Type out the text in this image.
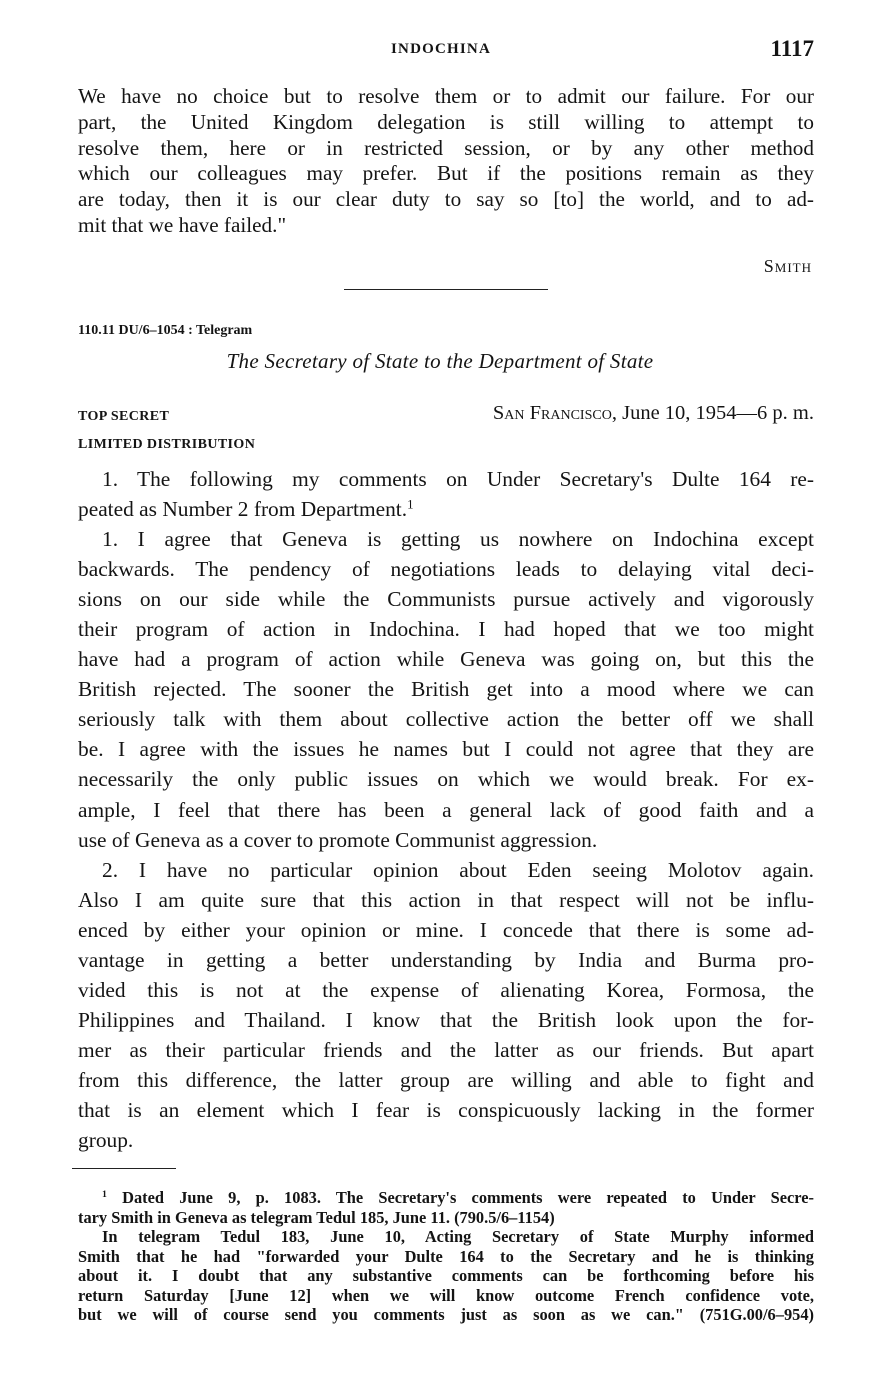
INDOCHINA	1117
We have no choice but to resolve them or to admit our failure. For our
part, the United Kingdom delegation is still willing to attempt to
resolve them, here or in restricted session, or by any other method
which our colleagues may prefer. But if the positions remain as they
are today, then it is our clear duty to say so [to] the world, and to ad-
mit that we have failed."
Smith
110.11 DU/6–1054 : Telegram
The Secretary of State to the Department of State
TOP SECRET
LIMITED DISTRIBUTION
San Francisco, June 10, 1954—6 p. m.
1. The following my comments on Under Secretary's Dulte 164 re-
peated as Number 2 from Department.$^1$
1. I agree that Geneva is getting us nowhere on Indochina except
backwards. The pendency of negotiations leads to delaying vital deci-
sions on our side while the Communists pursue actively and vigorously
their program of action in Indochina. I had hoped that we too might
have had a program of action while Geneva was going on, but this the
British rejected. The sooner the British get into a mood where we can
seriously talk with them about collective action the better off we shall
be. I agree with the issues he names but I could not agree that they are
necessarily the only public issues on which we would break. For ex-
ample, I feel that there has been a general lack of good faith and a
use of Geneva as a cover to promote Communist aggression.
2. I have no particular opinion about Eden seeing Molotov again.
Also I am quite sure that this action in that respect will not be influ-
enced by either your opinion or mine. I concede that there is some ad-
vantage in getting a better understanding by India and Burma pro-
vided this is not at the expense of alienating Korea, Formosa, the
Philippines and Thailand. I know that the British look upon the for-
mer as their particular friends and the latter as our friends. But apart
from this difference, the latter group are willing and able to fight and
that is an element which I fear is conspicuously lacking in the former
group.
$^1$ Dated June 9, p. 1083. The Secretary's comments were repeated to Under Secre-
tary Smith in Geneva as telegram Tedul 185, June 11. (790.5/6–1154)
In telegram Tedul 183, June 10, Acting Secretary of State Murphy informed
Smith that he had "forwarded your Dulte 164 to the Secretary and he is thinking
about it. I doubt that any substantive comments can be forthcoming before his
return Saturday [June 12] when we will know outcome French confidence vote,
but we will of course send you comments just as soon as we can." (751G.00/6–954)
